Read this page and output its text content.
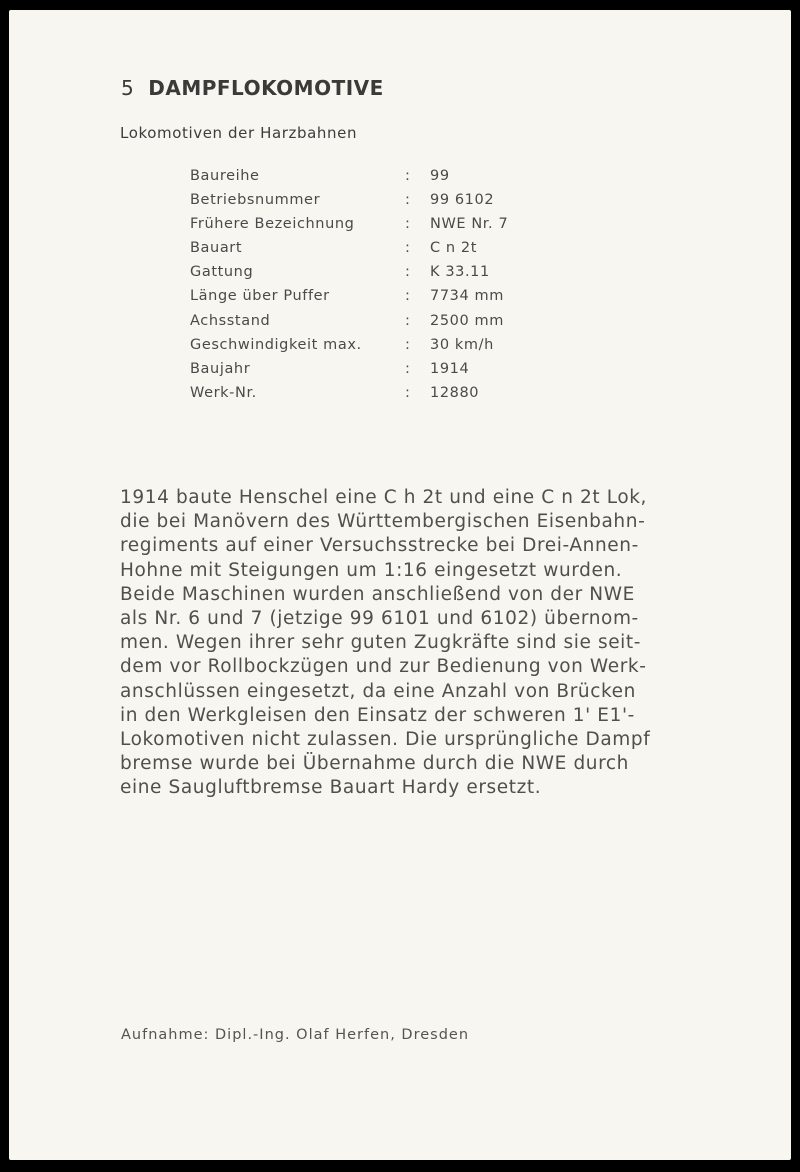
5 DAMPFLOKOMOTIVE
Lokomotiven der Harzbahnen
Baureihe	: 99
Betriebsnummer	: 99 6102
Frühere Bezeichnung	: NWE Nr. 7
Bauart	: C n 2t
Gattung	: K 33.11
Länge über Puffer	: 7734 mm
Achsstand	: 2500 mm
Geschwindigkeit max.	: 30 km/h
Baujahr	: 1914
Werk-Nr.	: 12880
1914 baute Henschel eine C h 2t und eine C n 2t Lok,
die bei Manövern des Württembergischen Eisenbahn-
regiments auf einer Versuchsstrecke bei Drei-Annen-
Hohne mit Steigungen um 1:16 eingesetzt wurden.
Beide Maschinen wurden anschließend von der NWE
als Nr. 6 und 7 (jetzige 99 6101 und 6102) übernom-
men. Wegen ihrer sehr guten Zugkräfte sind sie seit-
dem vor Rollbockzügen und zur Bedienung von Werk-
anschlüssen eingesetzt, da eine Anzahl von Brücken
in den Werkgleisen den Einsatz der schweren 1' E1'-
Lokomotiven nicht zulassen. Die ursprüngliche Dampf
bremse wurde bei Übernahme durch die NWE durch
eine Saugluftbremse Bauart Hardy ersetzt.
Aufnahme: Dipl.-Ing. Olaf Herfen, Dresden
